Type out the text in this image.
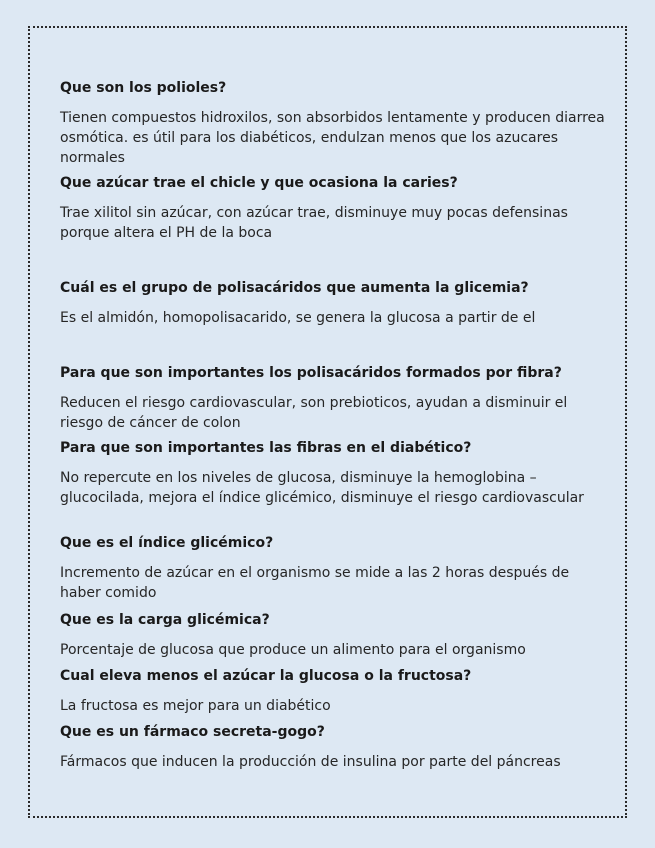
Que son los polioles?

Tienen compuestos hidroxilos, son absorbidos lentamente y producen diarrea osmótica. es útil para los diabéticos, endulzan menos que los azucares normales

Que azúcar trae el chicle y que ocasiona la caries?

Trae xilitol sin azúcar, con azúcar trae, disminuye muy pocas defensinas porque altera el PH de la boca

Cuál es el grupo de polisacáridos que aumenta la glicemia?

Es el almidón, homopolisacarido, se genera la glucosa a partir de el

Para que son importantes los polisacáridos formados por fibra?

Reducen el riesgo cardiovascular, son prebioticos, ayudan a disminuir el riesgo de cáncer de colon

Para que son importantes las fibras en el diabético?

No repercute en los niveles de glucosa, disminuye la hemoglobina – glucocilada, mejora el índice glicémico, disminuye el riesgo cardiovascular

Que es el índice glicémico?

Incremento de azúcar en el organismo se mide a las 2 horas después de haber comido

Que es la carga glicémica?

Porcentaje de glucosa que produce un alimento para el organismo

Cual eleva menos el azúcar la glucosa o la fructosa?

La fructosa es mejor para un diabético

Que es un fármaco secreta-gogo?

Fármacos que inducen la producción de insulina por parte del páncreas
